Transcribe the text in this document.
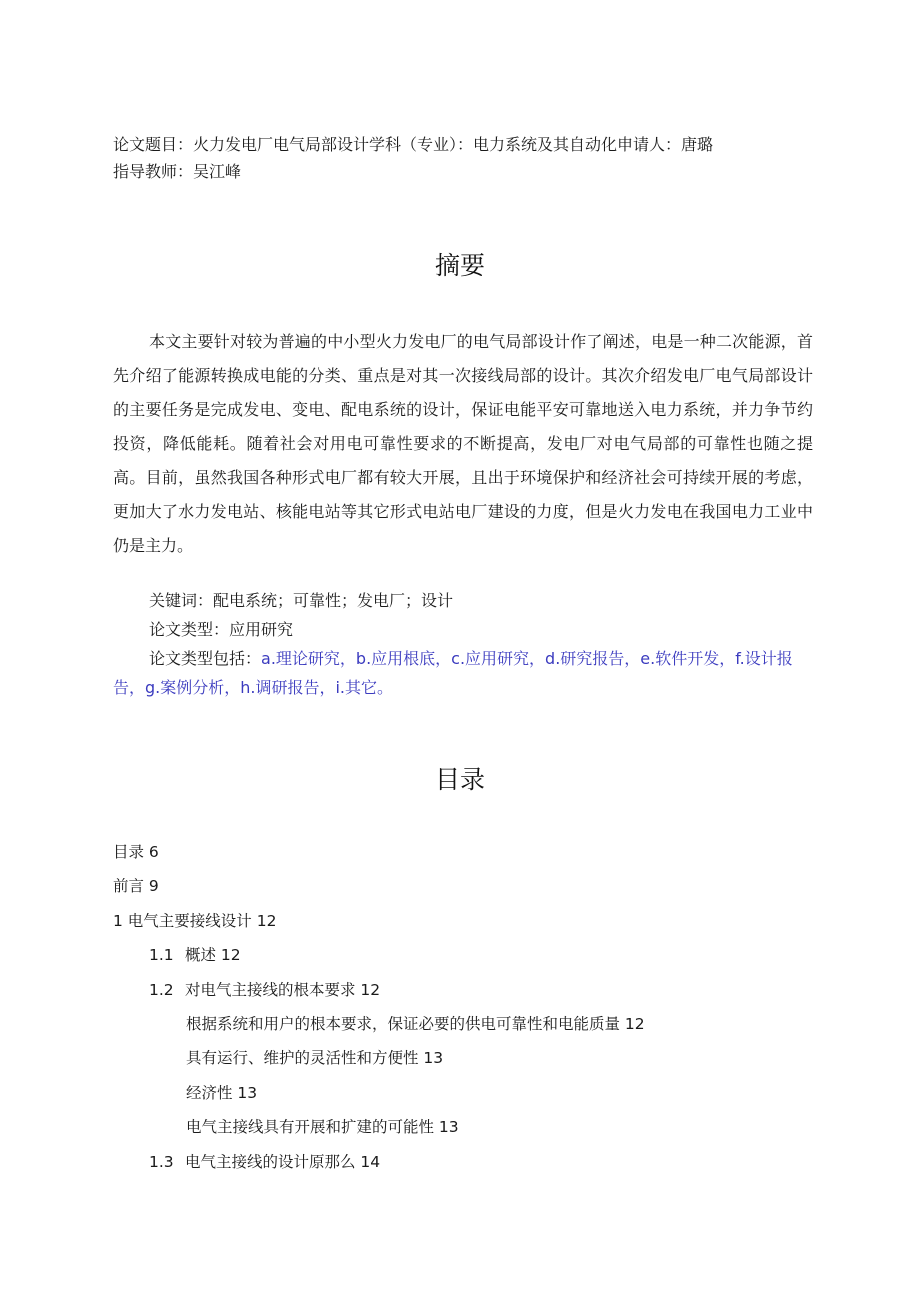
论文题目：火力发电厂电气局部设计学科（专业）：电力系统及其自动化申请人：唐璐
指导教师：吴江峰
摘要
本文主要针对较为普遍的中小型火力发电厂的电气局部设计作了阐述，电是一种二次能源，首先介绍了能源转换成电能的分类、重点是对其一次接线局部的设计。其次介绍发电厂电气局部设计的主要任务是完成发电、变电、配电系统的设计，保证电能平安可靠地送入电力系统，并力争节约投资，降低能耗。随着社会对用电可靠性要求的不断提高，发电厂对电气局部的可靠性也随之提高。目前，虽然我国各种形式电厂都有较大开展，且出于环境保护和经济社会可持续开展的考虑，更加大了水力发电站、核能电站等其它形式电站电厂建设的力度，但是火力发电在我国电力工业中仍是主力。
关键词：配电系统；可靠性；发电厂；设计
论文类型：应用研究
论文类型包括：a.理论研究，b.应用根底，c.应用研究，d.研究报告，e.软件开发，f.设计报告，g.案例分析，h.调研报告，i.其它。
目录
目录 6
前言 9
1 电气主要接线设计 12
1.1 概述 12
1.2 对电气主接线的根本要求 12
根据系统和用户的根本要求，保证必要的供电可靠性和电能质量 12
具有运行、维护的灵活性和方便性 13
经济性 13
电气主接线具有开展和扩建的可能性 13
1.3 电气主接线的设计原那么 14
